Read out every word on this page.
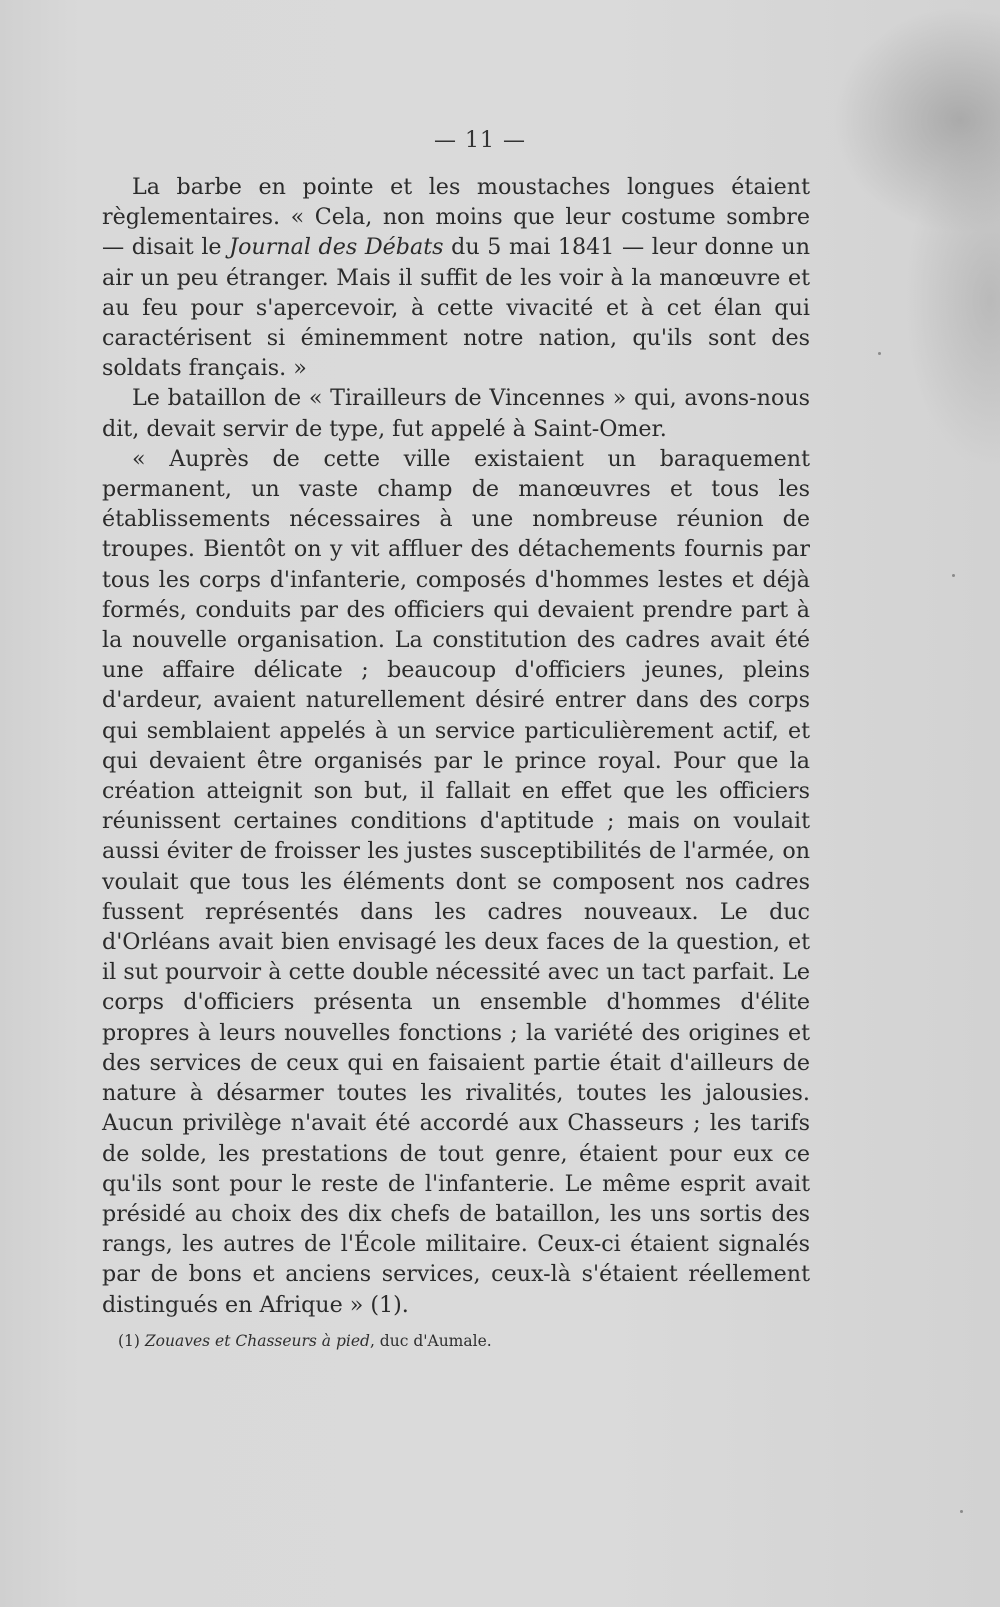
— 11 —

La barbe en pointe et les moustaches longues étaient règlementaires. « Cela, non moins que leur costume sombre — disait le Journal des Débats du 5 mai 1841 — leur donne un air un peu étranger. Mais il suffit de les voir à la manœuvre et au feu pour s'apercevoir, à cette vivacité et à cet élan qui caractérisent si éminemment notre nation, qu'ils sont des soldats français. »

Le bataillon de « Tirailleurs de Vincennes » qui, avons-nous dit, devait servir de type, fut appelé à Saint-Omer.

« Auprès de cette ville existaient un baraquement permanent, un vaste champ de manœuvres et tous les établissements nécessaires à une nombreuse réunion de troupes. Bientôt on y vit affluer des détachements fournis par tous les corps d'infanterie, composés d'hommes lestes et déjà formés, conduits par des officiers qui devaient prendre part à la nouvelle organisation. La constitution des cadres avait été une affaire délicate ; beaucoup d'officiers jeunes, pleins d'ardeur, avaient naturellement désiré entrer dans des corps qui semblaient appelés à un service particulièrement actif, et qui devaient être organisés par le prince royal. Pour que la création atteignit son but, il fallait en effet que les officiers réunissent certaines conditions d'aptitude ; mais on voulait aussi éviter de froisser les justes susceptibilités de l'armée, on voulait que tous les éléments dont se composent nos cadres fussent représentés dans les cadres nouveaux. Le duc d'Orléans avait bien envisagé les deux faces de la question, et il sut pourvoir à cette double nécessité avec un tact parfait. Le corps d'officiers présenta un ensemble d'hommes d'élite propres à leurs nouvelles fonctions ; la variété des origines et des services de ceux qui en faisaient partie était d'ailleurs de nature à désarmer toutes les rivalités, toutes les jalousies. Aucun privilège n'avait été accordé aux Chasseurs ; les tarifs de solde, les prestations de tout genre, étaient pour eux ce qu'ils sont pour le reste de l'infanterie. Le même esprit avait présidé au choix des dix chefs de bataillon, les uns sortis des rangs, les autres de l'École militaire. Ceux-ci étaient signalés par de bons et anciens services, ceux-là s'étaient réellement distingués en Afrique » (1).

(1) Zouaves et Chasseurs à pied, duc d'Aumale.
